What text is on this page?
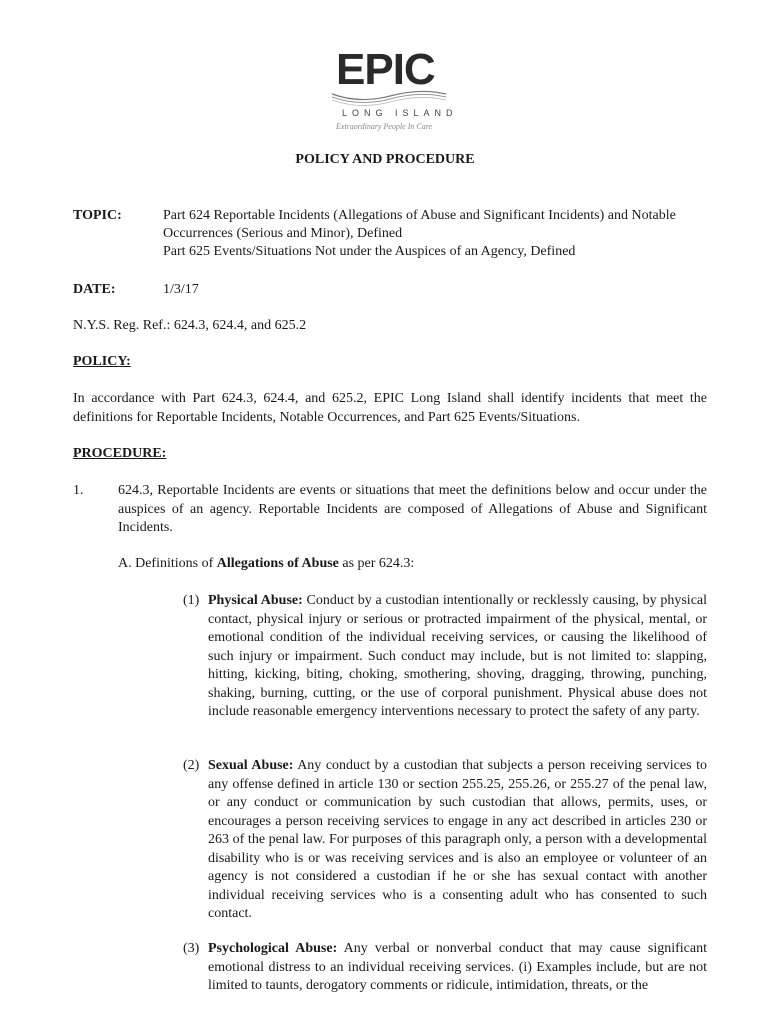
EPIC
LONG ISLAND
Extraordinary People In Care
POLICY AND PROCEDURE
TOPIC:	Part 624 Reportable Incidents (Allegations of Abuse and Significant Incidents) and Notable
Occurrences (Serious and Minor), Defined
Part 625 Events/Situations Not under the Auspices of an Agency, Defined
DATE:	1/3/17
N.Y.S. Reg. Ref.: 624.3, 624.4, and 625.2
POLICY:
In accordance with Part 624.3, 624.4, and 625.2, EPIC Long Island shall identify incidents that meet the definitions for Reportable Incidents, Notable Occurrences, and Part 625 Events/Situations.
PROCEDURE:
1. 624.3, Reportable Incidents are events or situations that meet the definitions below and occur under the auspices of an agency. Reportable Incidents are composed of Allegations of Abuse and Significant Incidents.
A. Definitions of Allegations of Abuse as per 624.3:
(1) Physical Abuse: Conduct by a custodian intentionally or recklessly causing, by physical contact, physical injury or serious or protracted impairment of the physical, mental, or emotional condition of the individual receiving services, or causing the likelihood of such injury or impairment. Such conduct may include, but is not limited to: slapping, hitting, kicking, biting, choking, smothering, shoving, dragging, throwing, punching, shaking, burning, cutting, or the use of corporal punishment. Physical abuse does not include reasonable emergency interventions necessary to protect the safety of any party.
(2) Sexual Abuse: Any conduct by a custodian that subjects a person receiving services to any offense defined in article 130 or section 255.25, 255.26, or 255.27 of the penal law, or any conduct or communication by such custodian that allows, permits, uses, or encourages a person receiving services to engage in any act described in articles 230 or 263 of the penal law. For purposes of this paragraph only, a person with a developmental disability who is or was receiving services and is also an employee or volunteer of an agency is not considered a custodian if he or she has sexual contact with another individual receiving services who is a consenting adult who has consented to such contact.
(3) Psychological Abuse: Any verbal or nonverbal conduct that may cause significant emotional distress to an individual receiving services. (i) Examples include, but are not limited to taunts, derogatory comments or ridicule, intimidation, threats, or the
